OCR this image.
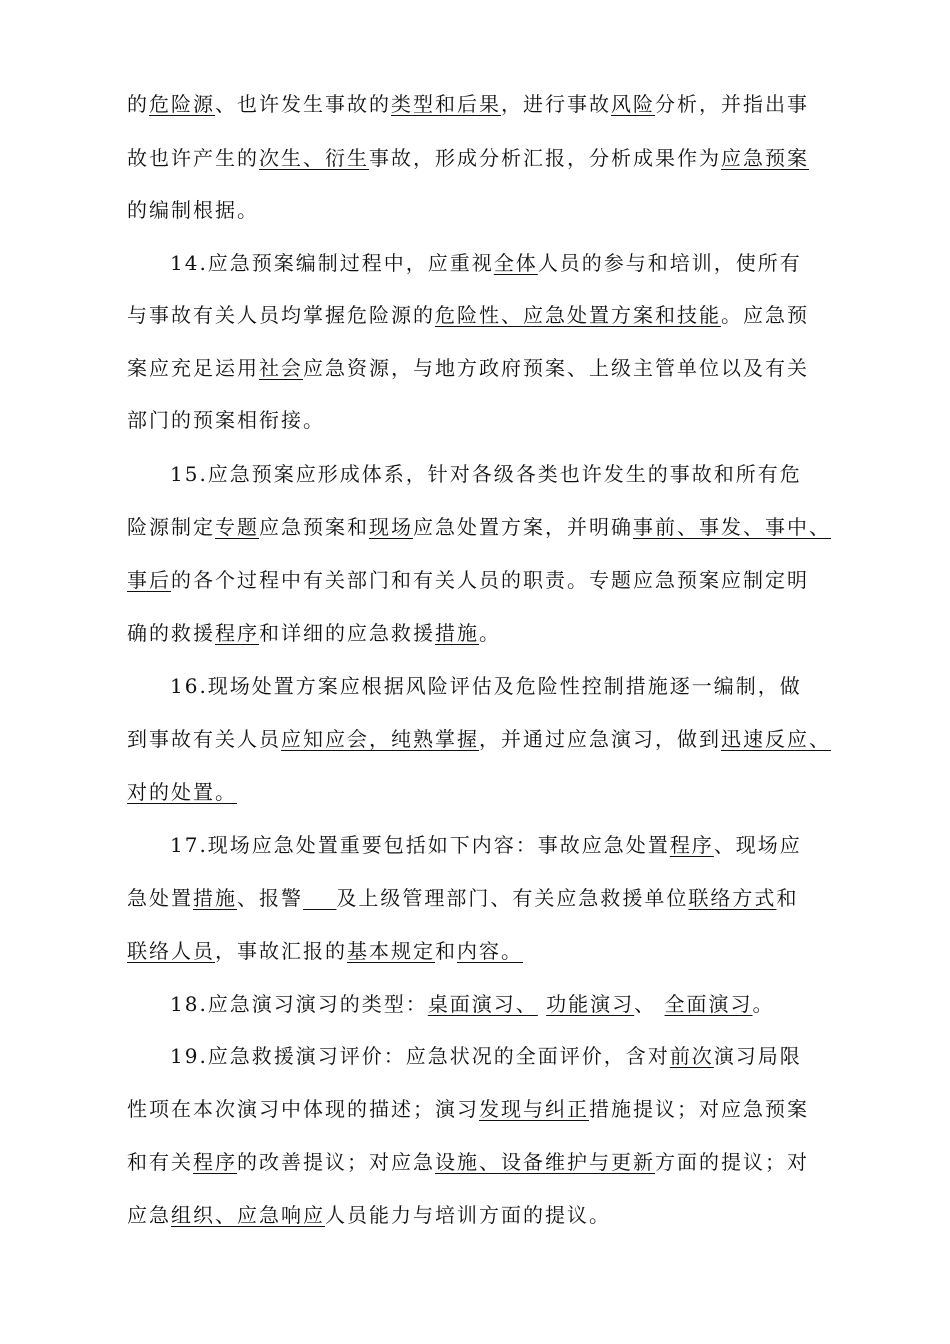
的危险源、也许发生事故的类型和后果，进行事故风险分析，并指出事
故也许产生的次生、衍生事故，形成分析汇报，分析成果作为应急预案
的编制根据。
14.应急预案编制过程中，应重视全体人员的参与和培训，使所有
与事故有关人员均掌握危险源的危险性、应急处置方案和技能。应急预
案应充足运用社会应急资源，与地方政府预案、上级主管单位以及有关
部门的预案相衔接。
15.应急预案应形成体系，针对各级各类也许发生的事故和所有危
险源制定专题应急预案和现场应急处置方案，并明确事前、事发、事中、
事后的各个过程中有关部门和有关人员的职责。专题应急预案应制定明
确的救援程序和详细的应急救援措施。
16.现场处置方案应根据风险评估及危险性控制措施逐一编制，做
到事故有关人员应知应会，纯熟掌握，并通过应急演习，做到迅速反应、
对的处置。
17.现场应急处置重要包括如下内容：事故应急处置程序、现场应
急处置措施、报警 及上级管理部门、有关应急救援单位联络方式和
联络人员，事故汇报的基本规定和内容。
18.应急演习演习的类型：桌面演习、 功能演习、 全面演习。
19.应急救援演习评价：应急状况的全面评价，含对前次演习局限
性项在本次演习中体现的描述；演习发现与纠正措施提议；对应急预案
和有关程序的改善提议；对应急设施、设备维护与更新方面的提议；对
应急组织、应急响应人员能力与培训方面的提议。
